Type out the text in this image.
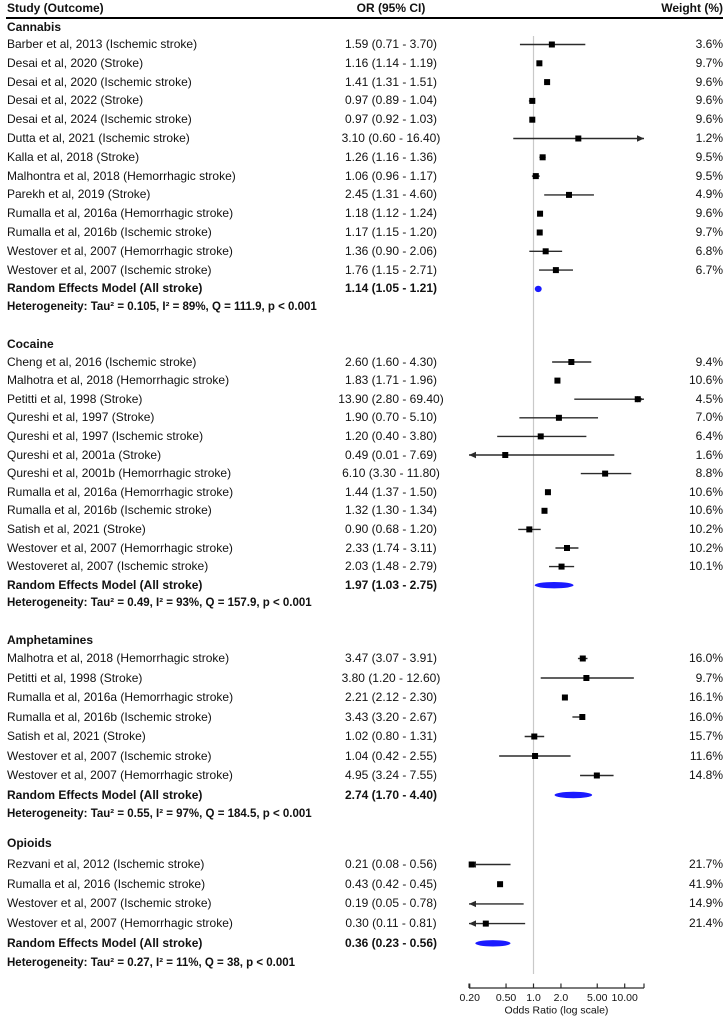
Study (Outcome)	OR (95% CI)	Weight (%)
Cannabis
Barber et al, 2013 (Ischemic stroke)	1.59 (0.71 - 3.70)	3.6%
Desai et al, 2020 (Stroke)	1.16 (1.14 - 1.19)	9.7%
Desai et al, 2020 (Ischemic stroke)	1.41 (1.31 - 1.51)	9.6%
Desai et al, 2022 (Stroke)	0.97 (0.89 - 1.04)	9.6%
Desai et al, 2024 (Ischemic stroke)	0.97 (0.92 - 1.03)	9.6%
Dutta et al, 2021 (Ischemic stroke)	3.10 (0.60 - 16.40)	1.2%
Kalla et al, 2018 (Stroke)	1.26 (1.16 - 1.36)	9.5%
Malhontra et al, 2018 (Hemorrhagic stroke)	1.06 (0.96 - 1.17)	9.5%
Parekh et al, 2019 (Stroke)	2.45 (1.31 - 4.60)	4.9%
Rumalla et al, 2016a (Hemorrhagic stroke)	1.18 (1.12 - 1.24)	9.6%
Rumalla et al, 2016b (Ischemic stroke)	1.17 (1.15 - 1.20)	9.7%
Westover et al, 2007 (Hemorrhagic stroke)	1.36 (0.90 - 2.06)	6.8%
Westover et al, 2007 (Ischemic stroke)	1.76 (1.15 - 2.71)	6.7%
Random Effects Model (All stroke)	1.14 (1.05 - 1.21)
Heterogeneity: Tau² = 0.105, I² = 89%, Q = 111.9, p < 0.001
Cocaine
Cheng et al, 2016 (Ischemic stroke)	2.60 (1.60 - 4.30)	9.4%
Malhotra et al, 2018 (Hemorrhagic stroke)	1.83 (1.71 - 1.96)	10.6%
Petitti et al, 1998 (Stroke)	13.90 (2.80 - 69.40)	4.5%
Qureshi et al, 1997 (Stroke)	1.90 (0.70 - 5.10)	7.0%
Qureshi et al, 1997 (Ischemic stroke)	1.20 (0.40 - 3.80)	6.4%
Qureshi et al, 2001a (Stroke)	0.49 (0.01 - 7.69)	1.6%
Qureshi et al, 2001b (Hemorrhagic stroke)	6.10 (3.30 - 11.80)	8.8%
Rumalla et al, 2016a (Hemorrhagic stroke)	1.44 (1.37 - 1.50)	10.6%
Rumalla et al, 2016b (Ischemic stroke)	1.32 (1.30 - 1.34)	10.6%
Satish et al, 2021 (Stroke)	0.90 (0.68 - 1.20)	10.2%
Westover et al, 2007 (Hemorrhagic stroke)	2.33 (1.74 - 3.11)	10.2%
Westoveret al, 2007 (Ischemic stroke)	2.03 (1.48 - 2.79)	10.1%
Random Effects Model (All stroke)	1.97 (1.03 - 2.75)
Heterogeneity: Tau² = 0.49, I² = 93%, Q = 157.9, p < 0.001
Amphetamines
Malhotra et al, 2018 (Hemorrhagic stroke)	3.47 (3.07 - 3.91)	16.0%
Petitti et al, 1998 (Stroke)	3.80 (1.20 - 12.60)	9.7%
Rumalla et al, 2016a (Hemorrhagic stroke)	2.21 (2.12 - 2.30)	16.1%
Rumalla et al, 2016b (Ischemic stroke)	3.43 (3.20 - 2.67)	16.0%
Satish et al, 2021 (Stroke)	1.02 (0.80 - 1.31)	15.7%
Westover et al, 2007 (Ischemic stroke)	1.04 (0.42 - 2.55)	11.6%
Westover et al, 2007 (Hemorrhagic stroke)	4.95 (3.24 - 7.55)	14.8%
Random Effects Model (All stroke)	2.74 (1.70 - 4.40)
Heterogeneity: Tau² = 0.55, I² = 97%, Q = 184.5, p < 0.001
Opioids
Rezvani et al, 2012 (Ischemic stroke)	0.21 (0.08 - 0.56)	21.7%
Rumalla et al, 2016 (Ischemic stroke)	0.43 (0.42 - 0.45)	41.9%
Westover et al, 2007 (Ischemic stroke)	0.19 (0.05 - 0.78)	14.9%
Westover et al, 2007 (Hemorrhagic stroke)	0.30 (0.11 - 0.81)	21.4%
Random Effects Model (All stroke)	0.36 (0.23 - 0.56)
Heterogeneity: Tau² = 0.27, I² = 11%, Q = 38, p < 0.001
0.20 0.50 1.0 2.0 5.00 10.00
Odds Ratio (log scale)
